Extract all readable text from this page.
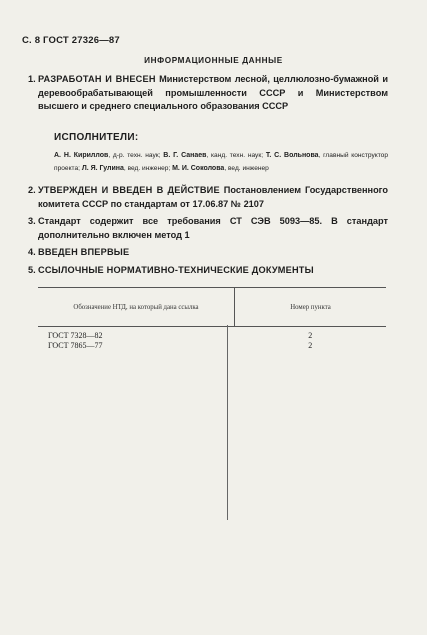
С. 8 ГОСТ 27326—87
ИНФОРМАЦИОННЫЕ ДАННЫЕ
1. РАЗРАБОТАН И ВНЕСЕН Министерством лесной, целлюлозно-бумажной и деревообрабатывающей промышленности СССР и Министерством высшего и среднего специального образования СССР
ИСПОЛНИТЕЛИ:
А. Н. Кириллов, д-р. техн. наук; В. Г. Санаев, канд. техн. наук; Т. С. Вольнова, главный конструктор проекта; Л. Я. Гулина, вед. инженер; М. И. Соколова, вед. инженер
2. УТВЕРЖДЕН И ВВЕДЕН В ДЕЙСТВИЕ Постановлением Государственного комитета СССР по стандартам от 17.06.87 № 2107
3. Стандарт содержит все требования СТ СЭВ 5093—85. В стандарт дополнительно включен метод 1
4. ВВЕДЕН ВПЕРВЫЕ
5. ССЫЛОЧНЫЕ НОРМАТИВНО-ТЕХНИЧЕСКИЕ ДОКУМЕНТЫ
Обозначение НТД, на который дана ссылка	Номер пункта

ГОСТ 7328—82	2
ГОСТ 7865—77	2
